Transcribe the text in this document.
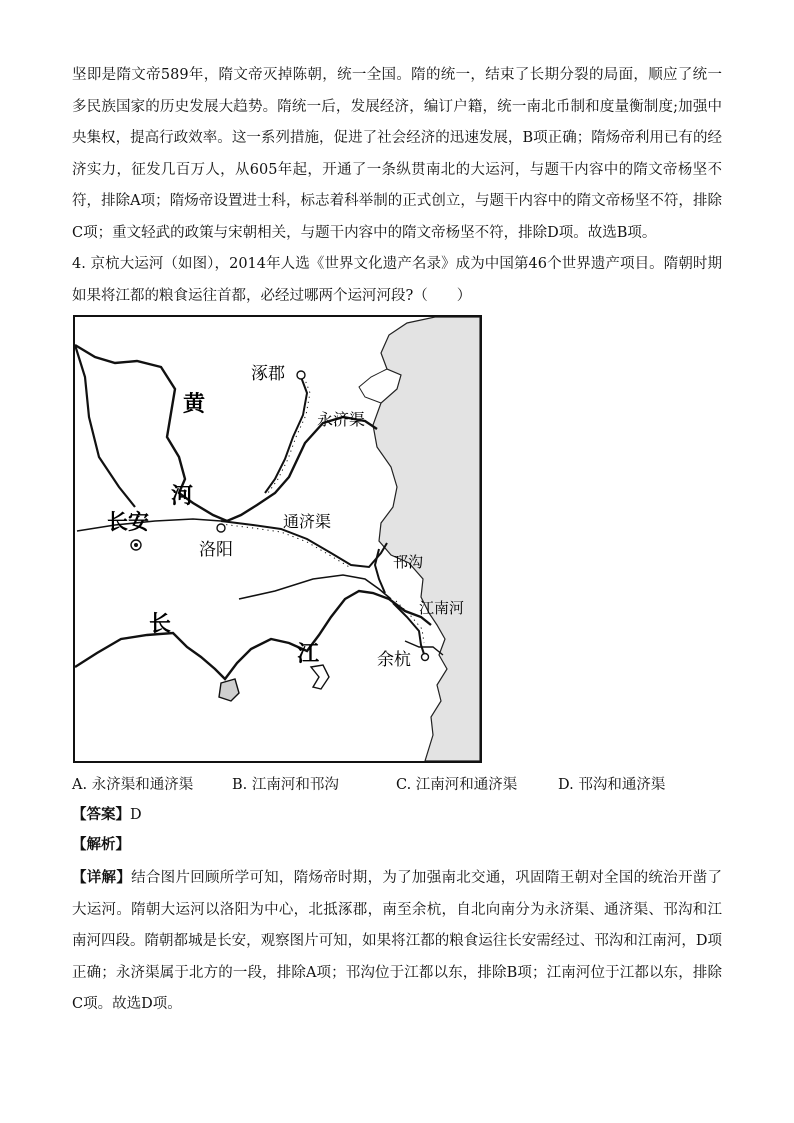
坚即是隋文帝589年，隋文帝灭掉陈朝，统一全国。隋的统一，结束了长期分裂的局面，顺应了统一多民族国家的历史发展大趋势。隋统一后，发展经济，编订户籍，统一南北币制和度量衡制度;加强中央集权，提高行政效率。这一系列措施，促进了社会经济的迅速发展，B项正确；隋炀帝利用已有的经济实力，征发几百万人，从605年起，开通了一条纵贯南北的大运河，与题干内容中的隋文帝杨坚不符，排除A项；隋炀帝设置进士科，标志着科举制的正式创立，与题干内容中的隋文帝杨坚不符，排除C项；重文轻武的政策与宋朝相关，与题干内容中的隋文帝杨坚不符，排除D项。故选B项。

4. 京杭大运河（如图），2014年人选《世界文化遗产名录》成为中国第46个世界遗产项目。隋朝时期如果将江都的粮食运往首都，必经过哪两个运河河段?（　　）

涿郡
永济渠
黄
河
长安
洛阳
通济渠
邗沟
江南河
长
江	余杭
A. 永济渠和通济渠	B. 江南河和邗沟	C. 江南河和通济渠	D. 邗沟和通济渠
【答案】D
【解析】

【详解】结合图片回顾所学可知，隋炀帝时期，为了加强南北交通，巩固隋王朝对全国的统治开凿了大运河。隋朝大运河以洛阳为中心，北抵涿郡，南至余杭，自北向南分为永济渠、通济渠、邗沟和江南河四段。隋朝都城是长安，观察图片可知，如果将江都的粮食运往长安需经过、邗沟和江南河，D项正确；永济渠属于北方的一段，排除A项；邗沟位于江都以东，排除B项；江南河位于江都以东，排除C项。故选D项。
